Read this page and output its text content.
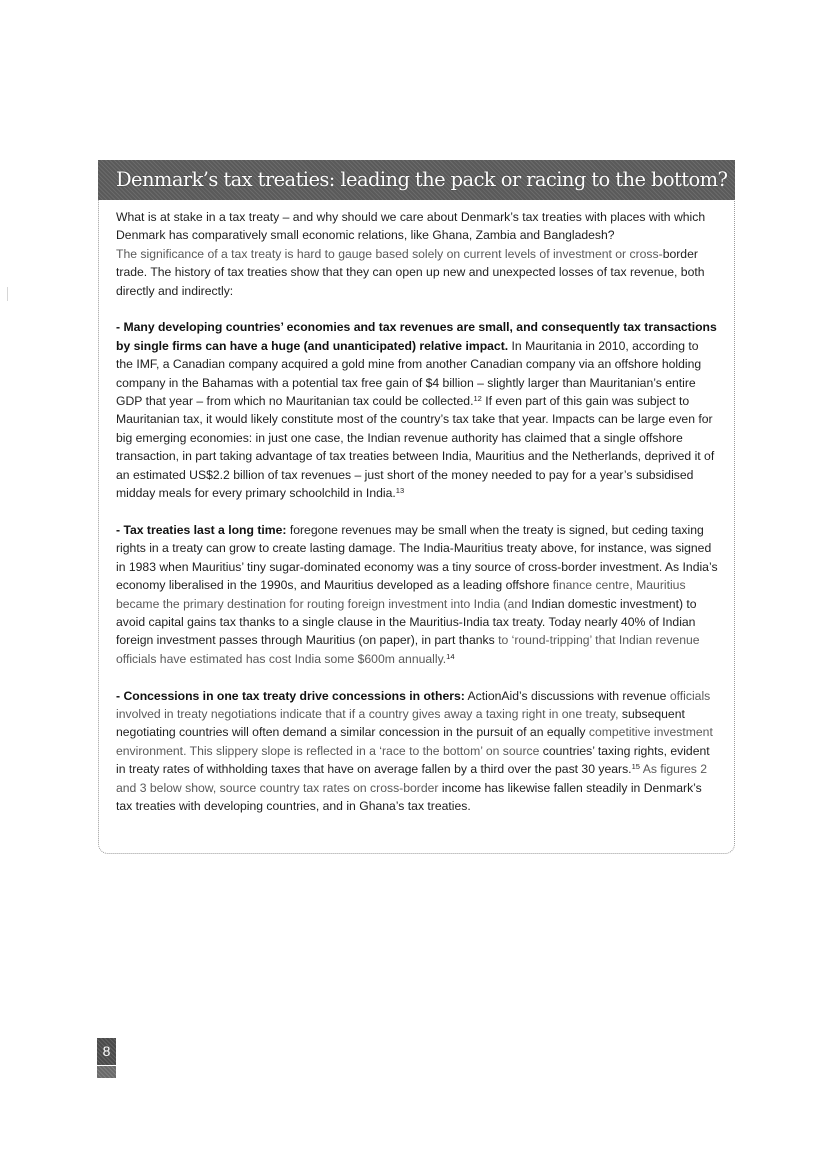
Denmark’s tax treaties: leading the pack or racing to the bottom?

What is at stake in a tax treaty – and why should we care about Denmark’s tax treaties with places with which Denmark has comparatively small economic relations, like Ghana, Zambia and Bangladesh?

The significance of a tax treaty is hard to gauge based solely on current levels of investment or cross-border trade. The history of tax treaties show that they can open up new and unexpected losses of tax revenue, both directly and indirectly:

- Many developing countries’ economies and tax revenues are small, and consequently tax transactions by single firms can have a huge (and unanticipated) relative impact. In Mauritania in 2010, according to the IMF, a Canadian company acquired a gold mine from another Canadian company via an offshore holding company in the Bahamas with a potential tax free gain of $4 billion – slightly larger than Mauritanian’s entire GDP that year – from which no Mauritanian tax could be collected.$^{12}$ If even part of this gain was subject to Mauritanian tax, it would likely constitute most of the country’s tax take that year. Impacts can be large even for big emerging economies: in just one case, the Indian revenue authority has claimed that a single offshore transaction, in part taking advantage of tax treaties between India, Mauritius and the Netherlands, deprived it of an estimated US$2.2 billion of tax revenues – just short of the money needed to pay for a year’s subsidised midday meals for every primary schoolchild in India.$^{13}$

- Tax treaties last a long time: foregone revenues may be small when the treaty is signed, but ceding taxing rights in a treaty can grow to create lasting damage. The India-Mauritius treaty above, for instance, was signed in 1983 when Mauritius’ tiny sugar-dominated economy was a tiny source of cross-border investment. As India’s economy liberalised in the 1990s, and Mauritius developed as a leading offshore finance centre, Mauritius became the primary destination for routing foreign investment into India (and Indian domestic investment) to avoid capital gains tax thanks to a single clause in the Mauritius-India tax treaty. Today nearly 40% of Indian foreign investment passes through Mauritius (on paper), in part thanks to ‘round-tripping’ that Indian revenue officials have estimated has cost India some $600m annually.$^{14}$

- Concessions in one tax treaty drive concessions in others: ActionAid’s discussions with revenue officials involved in treaty negotiations indicate that if a country gives away a taxing right in one treaty, subsequent negotiating countries will often demand a similar concession in the pursuit of an equally competitive investment environment. This slippery slope is reflected in a ‘race to the bottom’ on source countries’ taxing rights, evident in treaty rates of withholding taxes that have on average fallen by a third over the past 30 years.$^{15}$ As figures 2 and 3 below show, source country tax rates on cross-border income has likewise fallen steadily in Denmark’s tax treaties with developing countries, and in Ghana’s tax treaties.

8
